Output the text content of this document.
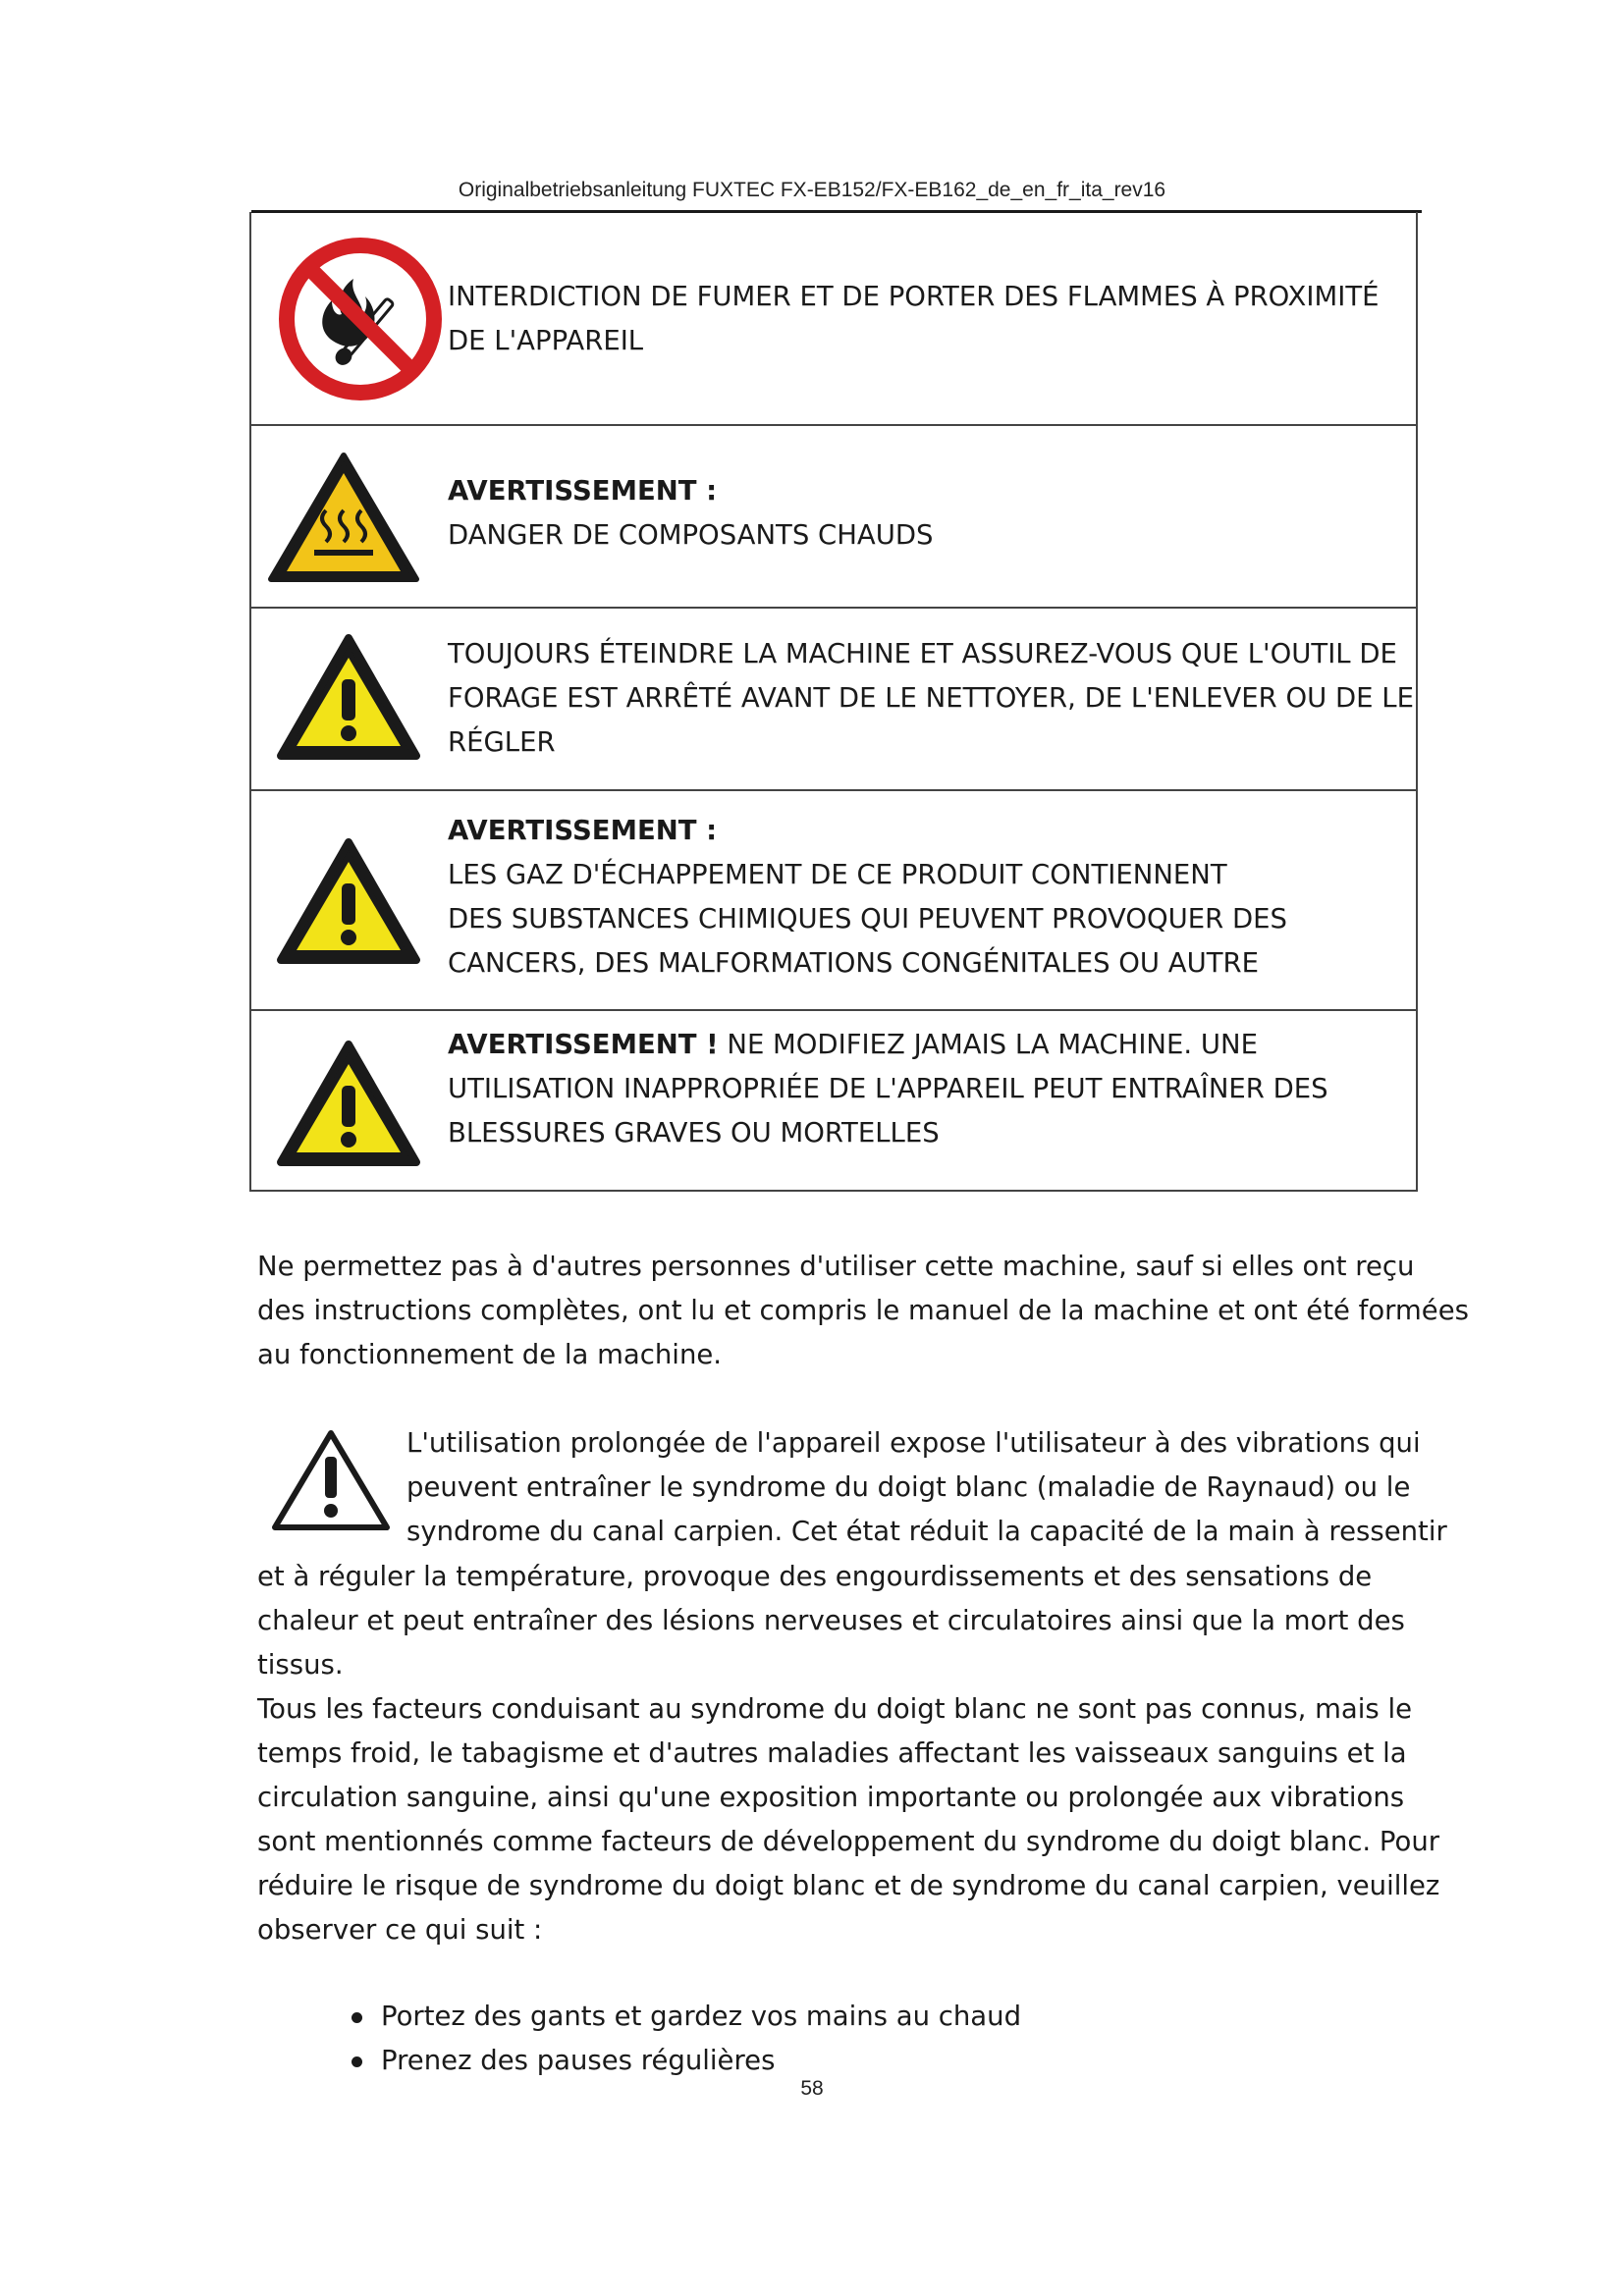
Originalbetriebsanleitung FUXTEC FX-EB152/FX-EB162_de_en_fr_ita_rev16
INTERDICTION DE FUMER ET DE PORTER DES FLAMMES À PROXIMITÉ
DE L'APPAREIL
AVERTISSEMENT :
DANGER DE COMPOSANTS CHAUDS
TOUJOURS ÉTEINDRE LA MACHINE ET ASSUREZ-VOUS QUE L'OUTIL DE
FORAGE EST ARRÊTÉ AVANT DE LE NETTOYER, DE L'ENLEVER OU DE LE
RÉGLER
AVERTISSEMENT :
LES GAZ D'ÉCHAPPEMENT DE CE PRODUIT CONTIENNENT
DES SUBSTANCES CHIMIQUES QUI PEUVENT PROVOQUER DES
CANCERS, DES MALFORMATIONS CONGÉNITALES OU AUTRE
AVERTISSEMENT ! NE MODIFIEZ JAMAIS LA MACHINE. UNE
UTILISATION INAPPROPRIÉE DE L'APPAREIL PEUT ENTRAÎNER DES
BLESSURES GRAVES OU MORTELLES
Ne permettez pas à d'autres personnes d'utiliser cette machine, sauf si elles ont reçu
des instructions complètes, ont lu et compris le manuel de la machine et ont été formées
au fonctionnement de la machine.
L'utilisation prolongée de l'appareil expose l'utilisateur à des vibrations qui
peuvent entraîner le syndrome du doigt blanc (maladie de Raynaud) ou le
syndrome du canal carpien. Cet état réduit la capacité de la main à ressentir
et à réguler la température, provoque des engourdissements et des sensations de
chaleur et peut entraîner des lésions nerveuses et circulatoires ainsi que la mort des
tissus.
Tous les facteurs conduisant au syndrome du doigt blanc ne sont pas connus, mais le
temps froid, le tabagisme et d'autres maladies affectant les vaisseaux sanguins et la
circulation sanguine, ainsi qu'une exposition importante ou prolongée aux vibrations
sont mentionnés comme facteurs de développement du syndrome du doigt blanc. Pour
réduire le risque de syndrome du doigt blanc et de syndrome du canal carpien, veuillez
observer ce qui suit :
Portez des gants et gardez vos mains au chaud
Prenez des pauses régulières
58
